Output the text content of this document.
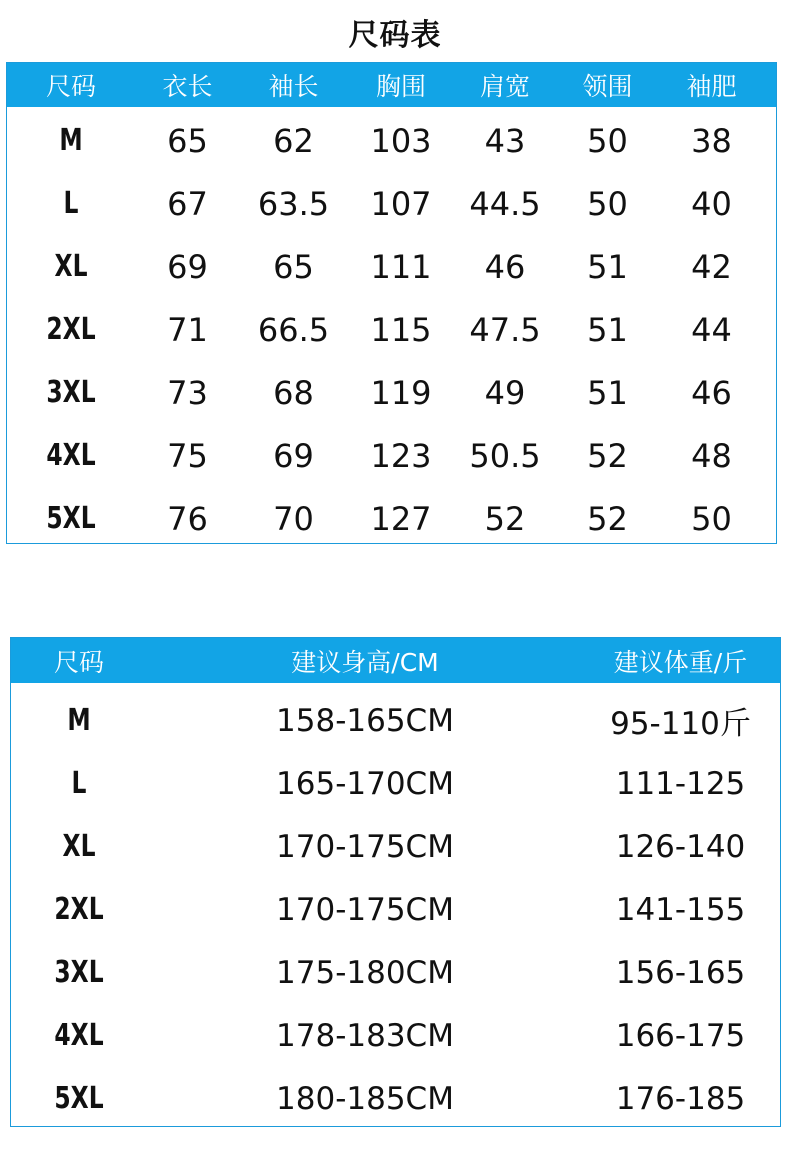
尺码表
尺码	衣长	袖长	胸围	肩宽	领围	袖肥
M	65	62	103	43	50	38
L	67	63.5	107	44.5	50	40
XL	69	65	111	46	51	42
2XL	71	66.5	115	47.5	51	44
3XL	73	68	119	49	51	46
4XL	75	69	123	50.5	52	48
5XL	76	70	127	52	52	50
尺码	建议身高/CM	建议体重/斤
M	158-165CM	95-110斤
L	165-170CM	111-125
XL	170-175CM	126-140
2XL	170-175CM	141-155
3XL	175-180CM	156-165
4XL	178-183CM	166-175
5XL	180-185CM	176-185
